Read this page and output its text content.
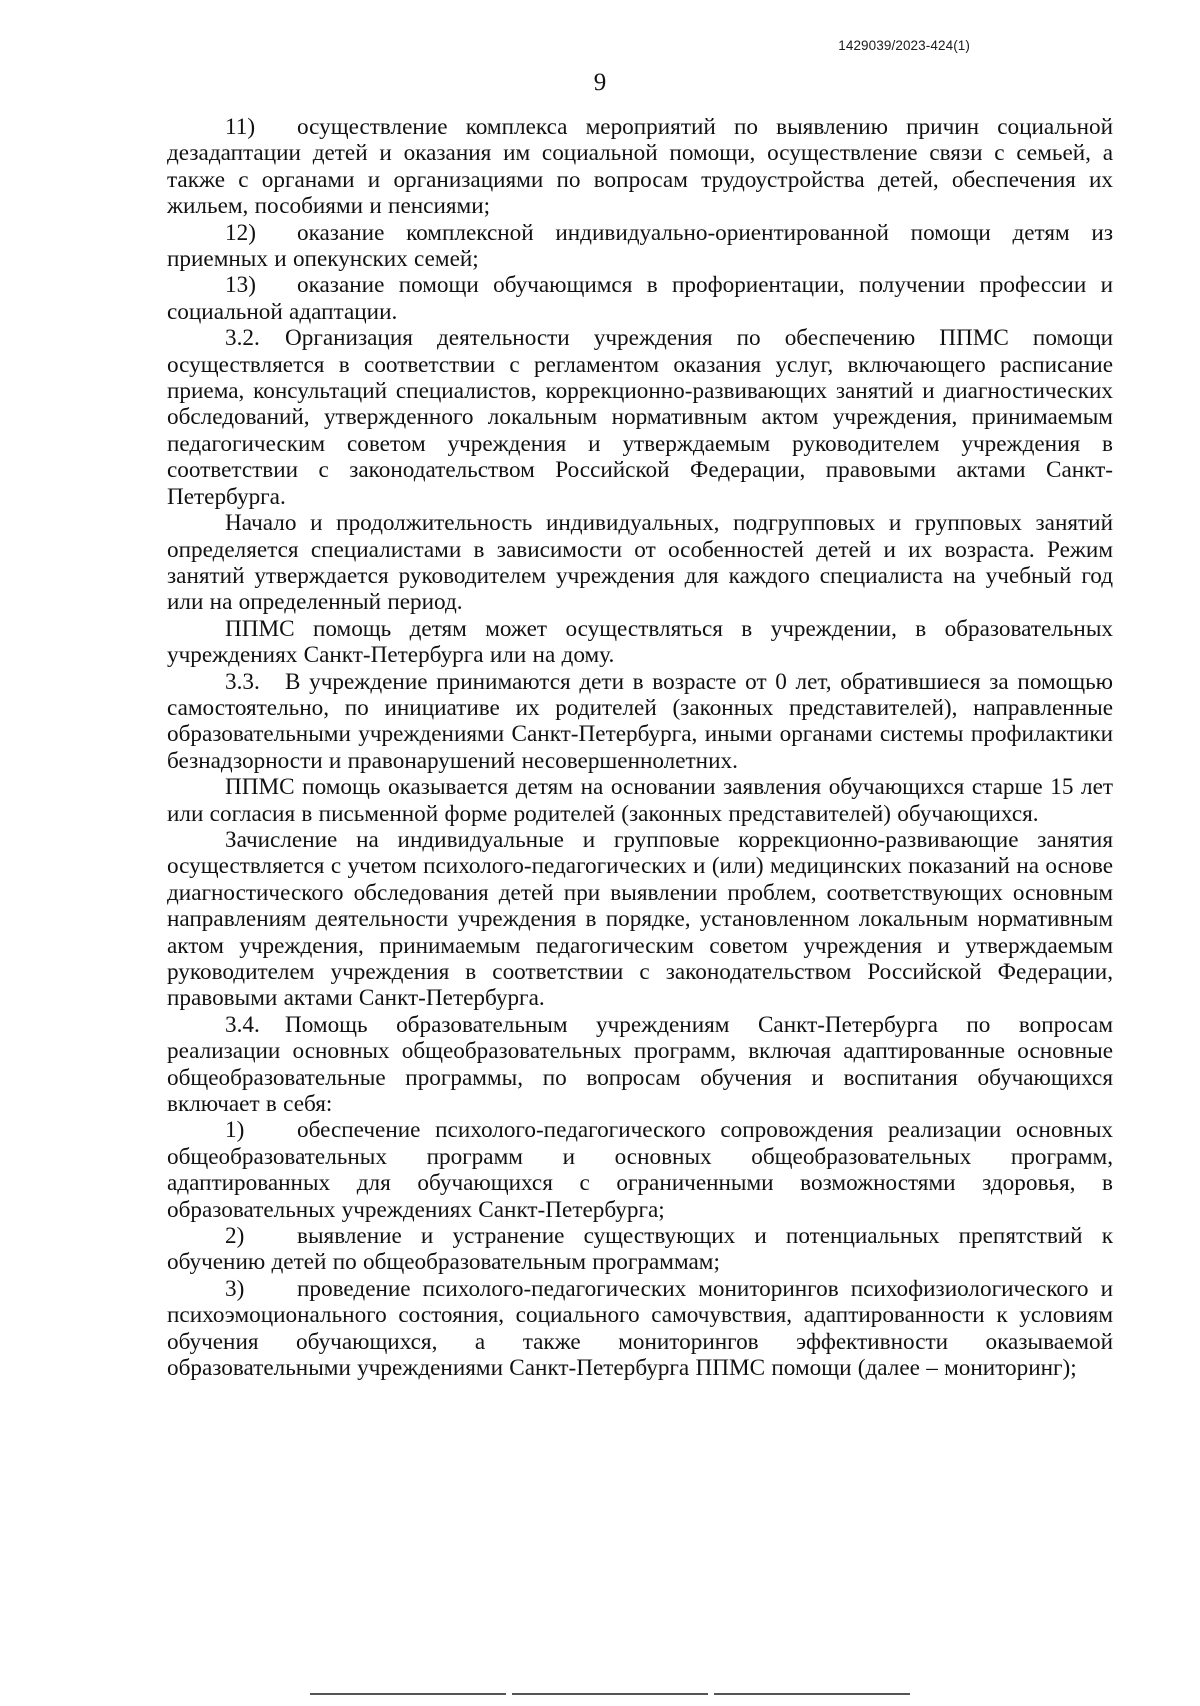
1429039/2023-424(1)
9

11) осуществление комплекса мероприятий по выявлению причин социальной дезадаптации детей и оказания им социальной помощи, осуществление связи с семьей, а также с органами и организациями по вопросам трудоустройства детей, обеспечения их жильем, пособиями и пенсиями;

12) оказание комплексной индивидуально-ориентированной помощи детям из приемных и опекунских семей;

13) оказание помощи обучающимся в профориентации, получении профессии и социальной адаптации.

3.2. Организация деятельности учреждения по обеспечению ППМС помощи осуществляется в соответствии с регламентом оказания услуг, включающего расписание приема, консультаций специалистов, коррекционно-развивающих занятий и диагностических обследований, утвержденного локальным нормативным актом учреждения, принимаемым педагогическим советом учреждения и утверждаемым руководителем учреждения в соответствии с законодательством Российской Федерации, правовыми актами Санкт-Петербурга.

Начало и продолжительность индивидуальных, подгрупповых и групповых занятий определяется специалистами в зависимости от особенностей детей и их возраста. Режим занятий утверждается руководителем учреждения для каждого специалиста на учебный год или на определенный период.

ППМС помощь детям может осуществляться в учреждении, в образовательных учреждениях Санкт-Петербурга или на дому.

3.3. В учреждение принимаются дети в возрасте от 0 лет, обратившиеся за помощью самостоятельно, по инициативе их родителей (законных представителей), направленные образовательными учреждениями Санкт-Петербурга, иными органами системы профилактики безнадзорности и правонарушений несовершеннолетних.

ППМС помощь оказывается детям на основании заявления обучающихся старше 15 лет или согласия в письменной форме родителей (законных представителей) обучающихся.

Зачисление на индивидуальные и групповые коррекционно-развивающие занятия осуществляется с учетом психолого-педагогических и (или) медицинских показаний на основе диагностического обследования детей при выявлении проблем, соответствующих основным направлениям деятельности учреждения в порядке, установленном локальным нормативным актом учреждения, принимаемым педагогическим советом учреждения и утверждаемым руководителем учреждения в соответствии с законодательством Российской Федерации, правовыми актами Санкт-Петербурга.

3.4. Помощь образовательным учреждениям Санкт-Петербурга по вопросам реализации основных общеобразовательных программ, включая адаптированные основные общеобразовательные программы, по вопросам обучения и воспитания обучающихся включает в себя:

1) обеспечение психолого-педагогического сопровождения реализации основных общеобразовательных программ и основных общеобразовательных программ, адаптированных для обучающихся с ограниченными возможностями здоровья, в образовательных учреждениях Санкт-Петербурга;

2) выявление и устранение существующих и потенциальных препятствий к обучению детей по общеобразовательным программам;

3) проведение психолого-педагогических мониторингов психофизиологического и психоэмоционального состояния, социального самочувствия, адаптированности к условиям обучения обучающихся, а также мониторингов эффективности оказываемой образовательными учреждениями Санкт-Петербурга ППМС помощи (далее – мониторинг);
